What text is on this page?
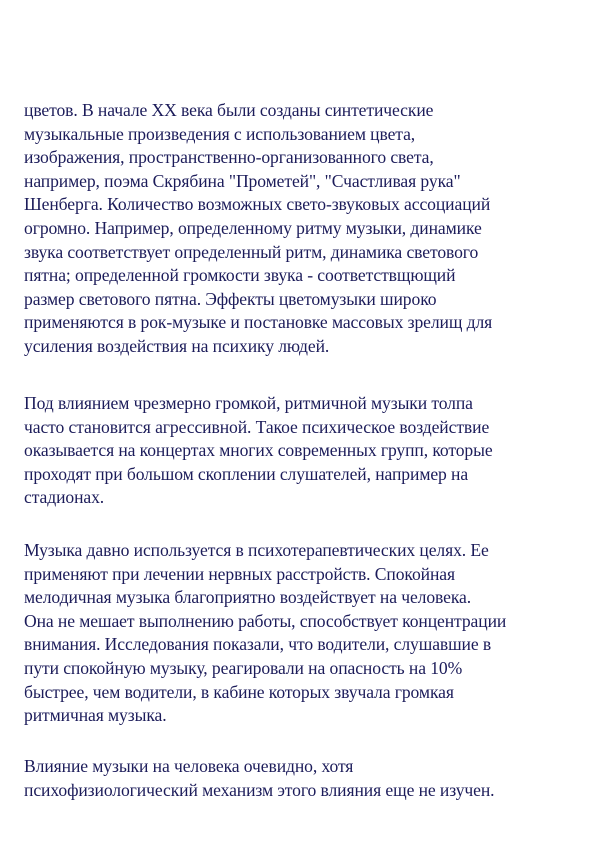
цветов. В начале XX века были созданы синтетические
музыкальные произведения с использованием цвета,
изображения, пространственно-организованного света,
например, поэма Скрябина "Прометей", "Счастливая рука"
Шенберга. Количество возможных свето-звуковых ассоциаций
огромно. Например, определенному ритму музыки, динамике
звука соответствует определенный ритм, динамика светового
пятна; определенной громкости звука - соответствщющий
размер светового пятна. Эффекты цветомузыки широко
применяются в рок-музыке и постановке массовых зрелищ для
усиления воздействия на психику людей.
Под влиянием чрезмерно громкой, ритмичной музыки толпа
часто становится агрессивной. Такое психическое воздействие
оказывается на концертах многих современных групп, которые
проходят при большом скоплении слушателей, например на
стадионах.
Музыка давно используется в психотерапевтических целях. Ее
применяют при лечении нервных расстройств. Спокойная
мелодичная музыка благоприятно воздействует на человека.
Она не мешает выполнению работы, способствует концентрации
внимания. Исследования показали, что водители, слушавшие в
пути спокойную музыку, реагировали на опасность на 10%
быстрее, чем водители, в кабине которых звучала громкая
ритмичная музыка.
Влияние музыки на человека очевидно, хотя
психофизиологический механизм этого влияния еще не изучен.
